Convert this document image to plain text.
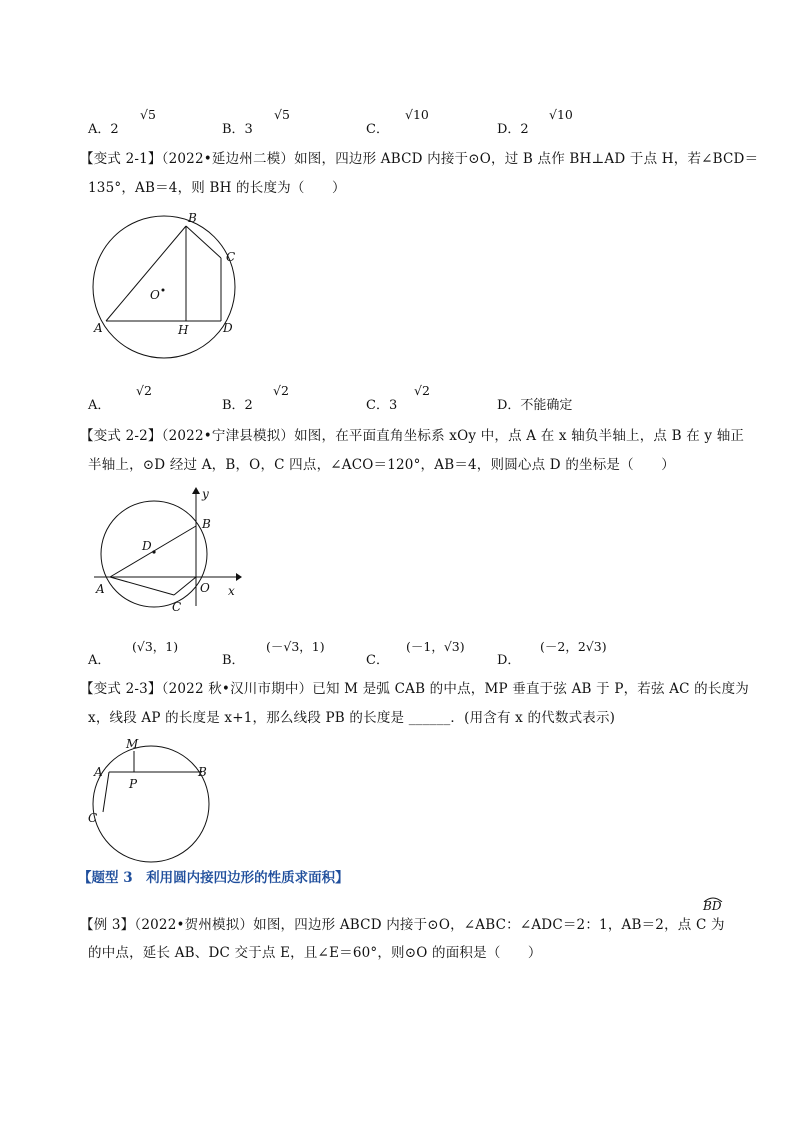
A．2
√5
B．3
√5
C．
√10
D．2
√10
【变式 2-1】（2022•延边州二模）如图，四边形 ABCD 内接于⊙O，过 B 点作 BH⊥AD 于点 H，若∠BCD＝
135°，AB＝4，则 BH 的长度为（　　）
B
C
O
A	H	D
A．
√2
B．2
√2
C．3
√2
D．不能确定
【变式 2-2】（2022•宁津县模拟）如图，在平面直角坐标系 xOy 中，点 A 在 x 轴负半轴上，点 B 在 y 轴正
半轴上，⊙D 经过 A，B，O，C 四点，∠ACO＝120°，AB＝4，则圆心点 D 的坐标是（　　）
y
B
D
A	O x
C
A．
(√3，1)
B．
(－√3，1)
C．
(－1，√3)
D．
(－2，2√3)
【变式 2-3】（2022 秋•汉川市期中）已知 M 是弧 CAB 的中点，MP 垂直于弦 AB 于 P，若弦 AC 的长度为
x，线段 AP 的长度是 x+1，那么线段 PB 的长度是 ______．(用含有 x 的代数式表示)
M
A
P
B
C
【题型 3　利用圆内接四边形的性质求面积】
【例 3】（2022•贺州模拟）如图，四边形 ABCD 内接于⊙O，∠ABC：∠ADC＝2：1，AB＝2，点 C 为
BD
的中点，延长 AB、DC 交于点 E，且∠E＝60°，则⊙O 的面积是（　　）
